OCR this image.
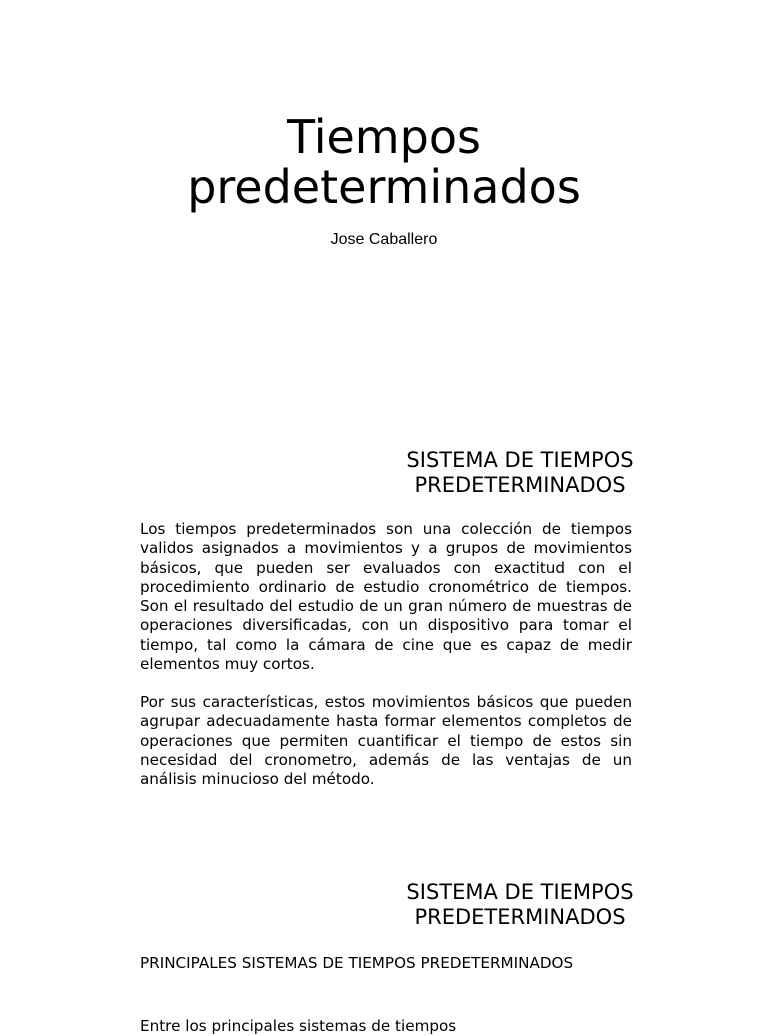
Tiempos predeterminados
Jose Caballero
SISTEMA DE TIEMPOS PREDETERMINADOS

Los tiempos predeterminados son una colección de tiempos validos asignados a movimientos y a grupos de movimientos básicos, que pueden ser evaluados con exactitud con el procedimiento ordinario de estudio cronométrico de tiempos. Son el resultado del estudio de un gran número de muestras de operaciones diversificadas, con un dispositivo para tomar el tiempo, tal como la cámara de cine que es capaz de medir elementos muy cortos.

Por sus características, estos movimientos básicos que pueden agrupar adecuadamente hasta formar elementos completos de operaciones que permiten cuantificar el tiempo de estos sin necesidad del cronometro, además de las ventajas de un análisis minucioso del método.

SISTEMA DE TIEMPOS PREDETERMINADOS

PRINCIPALES SISTEMAS DE TIEMPOS PREDETERMINADOS

Entre los principales sistemas de tiempos
